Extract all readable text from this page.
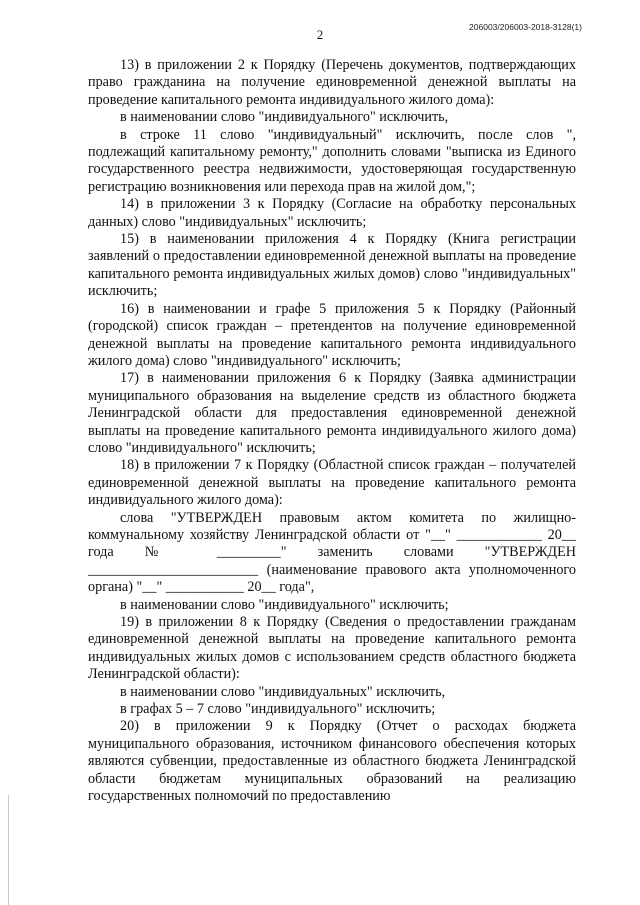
206003/206003-2018-3128(1)
2

13) в приложении 2 к Порядку (Перечень документов, подтверждающих право гражданина на получение единовременной денежной выплаты на проведение капитального ремонта индивидуального жилого дома):

в наименовании слово "индивидуального" исключить,

в строке 11 слово "индивидуальный" исключить, после слов ", подлежащий капитальному ремонту," дополнить словами "выписка из Единого государственного реестра недвижимости, удостоверяющая государственную регистрацию возникновения или перехода прав на жилой дом,";

14) в приложении 3 к Порядку (Согласие на обработку персональных данных) слово "индивидуальных" исключить;

15) в наименовании приложения 4 к Порядку (Книга регистрации заявлений о предоставлении единовременной денежной выплаты на проведение капитального ремонта индивидуальных жилых домов) слово "индивидуальных" исключить;

16) в наименовании и графе 5 приложения 5 к Порядку (Районный (городской) список граждан – претендентов на получение единовременной денежной выплаты на проведение капитального ремонта индивидуального жилого дома) слово "индивидуального" исключить;

17) в наименовании приложения 6 к Порядку (Заявка администрации муниципального образования на выделение средств из областного бюджета Ленинградской области для предоставления единовременной денежной выплаты на проведение капитального ремонта индивидуального жилого дома) слово "индивидуального" исключить;

18) в приложении 7 к Порядку (Областной список граждан – получателей единовременной денежной выплаты на проведение капитального ремонта индивидуального жилого дома):

слова "УТВЕРЖДЕН правовым актом комитета по жилищно-коммунальному хозяйству Ленинградской области от "__" ____________ 20__ года № _________" заменить словами "УТВЕРЖДЕН ________________________ (наименование правового акта уполномоченного органа) "__" ___________ 20__ года",

в наименовании слово "индивидуального" исключить;

19) в приложении 8 к Порядку (Сведения о предоставлении гражданам единовременной денежной выплаты на проведение капитального ремонта индивидуальных жилых домов с использованием средств областного бюджета Ленинградской области):

в наименовании слово "индивидуальных" исключить,

в графах 5 – 7 слово "индивидуального" исключить;

20) в приложении 9 к Порядку (Отчет о расходах бюджета муниципального образования, источником финансового обеспечения которых являются субвенции, предоставленные из областного бюджета Ленинградской области бюджетам муниципальных образований на реализацию государственных полномочий по предоставлению
